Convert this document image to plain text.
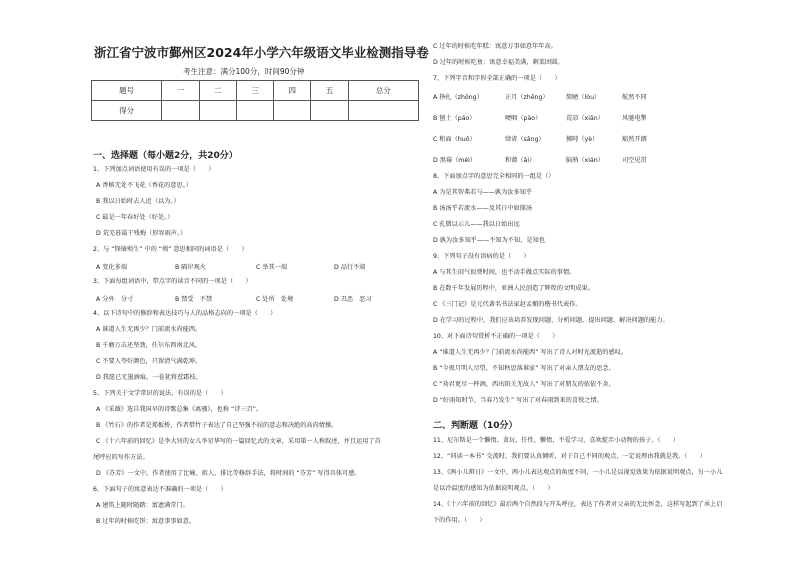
浙江省宁波市鄞州区2024年小学六年级语文毕业检测指导卷
考生注意：满分100分，时间90分钟
题号	一	二	三	四	五	总分
得分						
一、选择题（每小题2分，共20分）
1、下列加点词语使用有误的一项是（　　）
A 香槟无处不飞花（香花的意思。）
B 我以日始时去人近（以为。）
C 最是一年春好处（好处。）
D 荒芜暮霭干残梅（形容雨声。）
2、与 “锋镝殒生” 中的 “殒” 意思相同的词语是（　　）
A 变化多端	B 隔岸观火	C 举其一端	D 品行不端
3、下面每组词语中，带点字的读音不同的一项是（　　）
A 分外　分寸	B 禁受　不禁	C 处所　处境	D 丑恶　恶习
4、以下诗句中的修辞和表达技巧与人的品格志向的一项是（　　）
A 谁道人生无再少？门前流水尚能西。
B 千磨万击还坚劲，任尔东西南北风。
C 不要人夸好颜色，只留清气满乾坤。
D 我愿已无墨滴痕，一卷犹将惹霜枝。
5、下列关于文学常识的说法，有误的是（　　）
A 《采薇》选自我国早的诗歌总集《离骚》，也称 “诗三百”。
B 《竹石》的作者是郑板桥，作者借竹子表达了自己坚强不屈的意志和决绝的高尚情操。
C 《十六年前的回忆》是李大钊的女儿李星华写的一篇回忆式的文章，采用第一人称叙述，并且运用了首
尾呼应的写作方法。
D 《芬芳》一文中，作者使用了比喻、拟人、排比等修辞手法，将时间的 “芬芳” 写得具体可感。
6、下面句子的寓意表达不准确的一项是（　　）
A 建筑上随时随踏：富遮满堂门。
B 过年的时候吃饼：寓意事事如意。
C 过年的时候吃年糕：寓意万事如意年年高。
D 过年的时候吃鱼：寓意幸福美满，剩菜团圆。
7、下列字音和字形全部正确的一项是（　　）
A 挣扎（zhōng）	正月（zhēng）	简陋（lòu）	航然不同
B 刨土（páo）	哽咽（pào）	荒凉（xiān）	风驰电掣
C 和面（huō）	肆省（sǎng）	掷吨（yè）	豁然开朗
D 黑莓（méi）	和蔼（ǎi）	脑熟（xián）	司空见贯
8、下面加点字的意思完全相同的一组是（）
A 为是其智弗若与——孰为汝多知乎
B 汤汤乎若流水——及其日中如探汤
C 孔微以示儿——我以日始出远
D 孰为汝多知乎——不知为不知，是知也
9、下列句子没有语病的是（　　）
A 与其生闷气很费时间，也不动手做点实际的事情。
B 在数千年发展历程中，亚洲人民创造了辉煌的文明成果。
C 《三门记》是元代著名书法家赵孟頫的楷书代表作。
D 在学习的过程中，我们应该培养发现问题、分析问题、提出问题、解决问题的能力。
10、对下面诗句赏析不正确的一项是（　　）
A “谁道人生无再少？门前流水尚能西” 写出了诗人对时光流逝的感叹。
B “今夜月明人尽望，不知秋思落谁家” 写出了对亲人朋友的思念。
C “劝君更尽一杯酒，西出阳关无故人” 写出了对朋友的依依不舍。
D “好雨知时节，当春乃发生” 写出了对春雨到来的喜悦之情。
二、判断题（10分）
11、尼尔斯是一个懒惰、贪玩、任性、懒惰，不爱学习，喜欢捉弄小动物的孩子。（　　）
12、“同读一本书” 交流时，我们要认真倾听，对于自己不同的观点，一定说理由我就是我。（　　）
13、《两小儿辩日》一文中，两小儿表达观点的角度不同，一小儿是以视觉效果为依据说明观点，另一小儿
是以冷温度的感知为依据说明观点。（　　）
14、《十六年前的回忆》最后两个自然段与开头呼应，表达了作者对父亲的无比怀念，这样写起到了承上启
下的作用。（　　）
